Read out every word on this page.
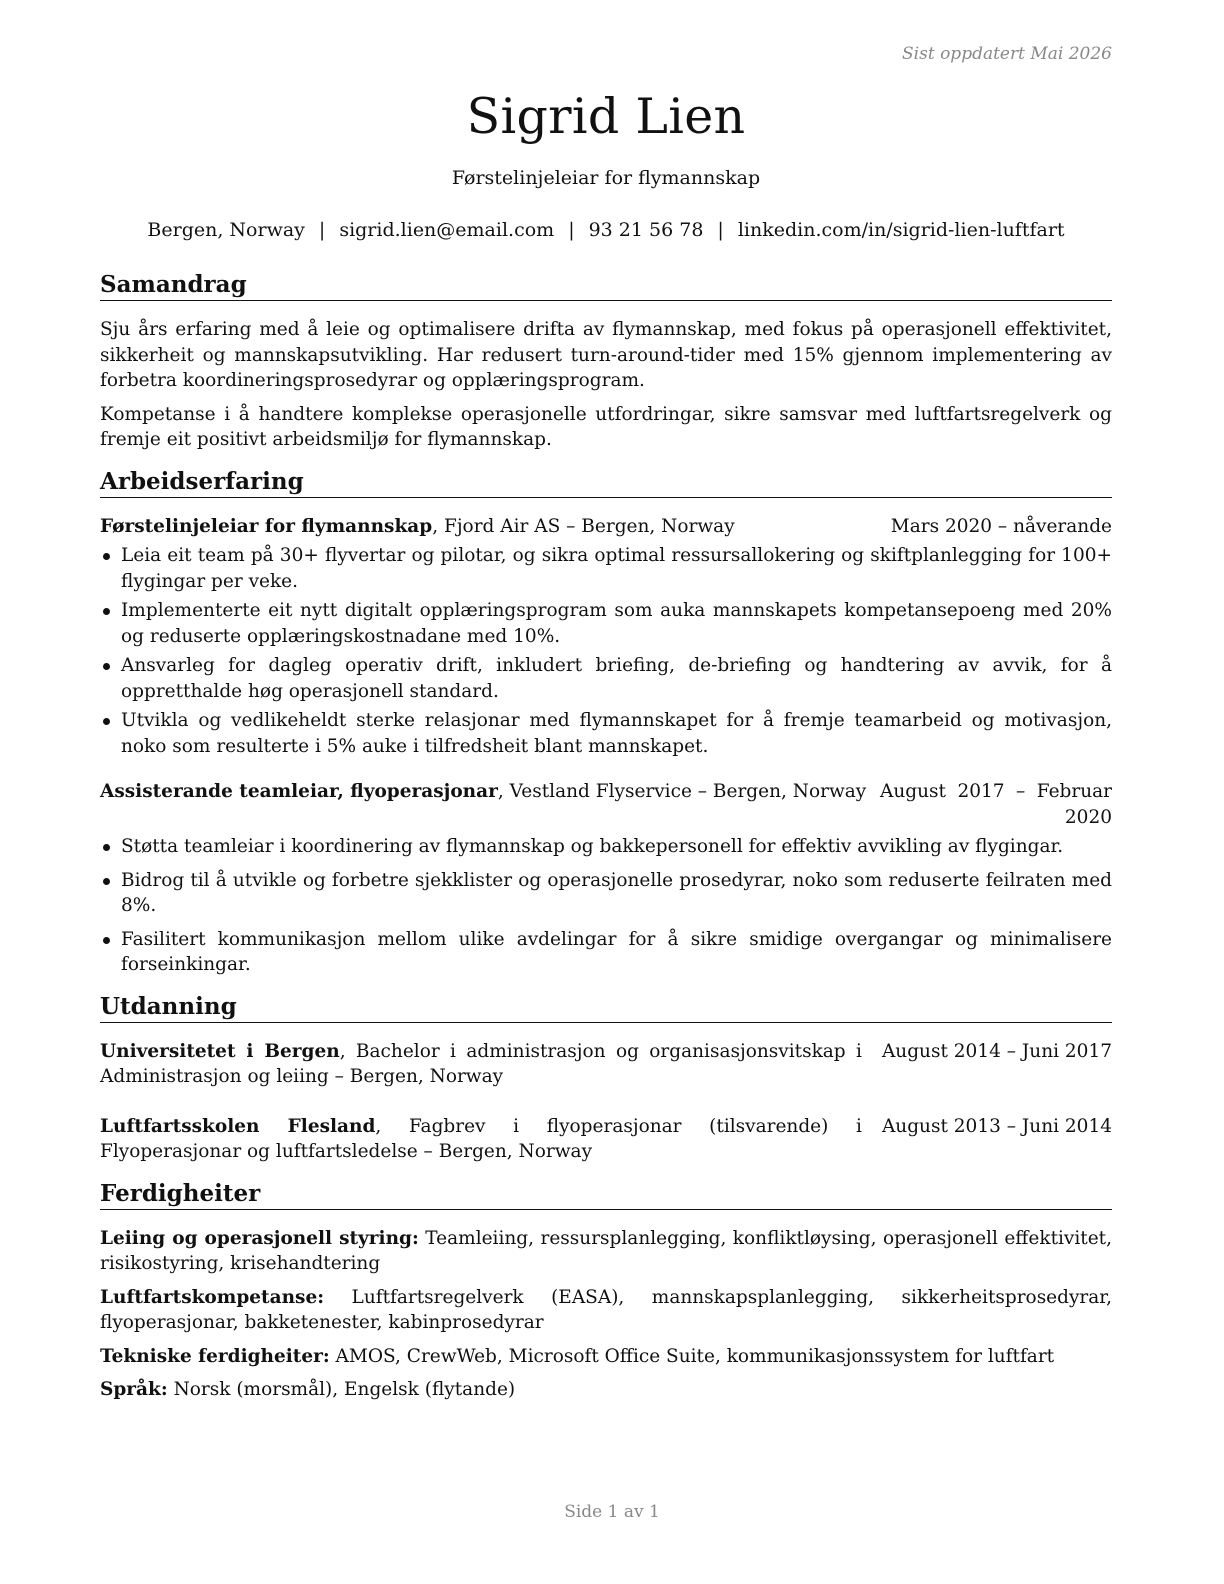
Sist oppdatert Mai 2026
Sigrid Lien
Førstelinjeleiar for flymannskap
Bergen, Norway | sigrid.lien@email.com | 93 21 56 78 | linkedin.com/in/sigrid-lien-luftfart
Samandrag

Sju års erfaring med å leie og optimalisere drifta av flymannskap, med fokus på operasjonell effektivitet, sikkerheit og mannskapsutvikling. Har redusert turn-around-tider med 15% gjennom implementering av forbetra koordineringsprosedyrar og opplæringsprogram.

Kompetanse i å handtere komplekse operasjonelle utfordringar, sikre samsvar med luftfartsregelverk og fremje eit positivt arbeidsmiljø for flymannskap.

Arbeidserfaring
Førstelinjeleiar for flymannskap, Fjord Air AS – Bergen, Norway	Mars 2020 – nåverande
Leia eit team på 30+ flyvertar og pilotar, og sikra optimal ressursallokering og skiftplanlegging for 100+ flygingar per veke.
Implementerte eit nytt digitalt opplæringsprogram som auka mannskapets kompetansepoeng med 20% og reduserte opplæringskostnadane med 10%.
Ansvarleg for dagleg operativ drift, inkludert briefing, de-briefing og handtering av avvik, for å oppretthalde høg operasjonell standard.
Utvikla og vedlikeheldt sterke relasjonar med flymannskapet for å fremje teamarbeid og motivasjon, noko som resulterte i 5% auke i tilfredsheit blant mannskapet.
Assisterande teamleiar, flyoperasjonar, Vestland Flyservice – Bergen, Norway August 2017 – Februar 2020
Støtta teamleiar i koordinering av flymannskap og bakkepersonell for effektiv avvikling av flygingar.
Bidrog til å utvikle og forbetre sjekklister og operasjonelle prosedyrar, noko som reduserte feilraten med 8%.
Fasilitert kommunikasjon mellom ulike avdelingar for å sikre smidige overgangar og minimalisere forseinkingar.
Utdanning
Universitetet i Bergen, Bachelor i administrasjon og organisasjonsvitskap i Administrasjon og leiing – Bergen, Norway
August 2014 – Juni 2017
Luftfartsskolen Flesland, Fagbrev i flyoperasjonar (tilsvarende) i Flyoperasjonar og luftfartsledelse – Bergen, Norway
August 2013 – Juni 2014
Ferdigheiter
Leiing og operasjonell styring: Teamleiing, ressursplanlegging, konfliktløysing, operasjonell effektivitet, risikostyring, krisehandtering
Luftfartskompetanse: Luftfartsregelverk (EASA), mannskapsplanlegging, sikkerheitsprosedyrar, flyoperasjonar, bakketenester, kabinprosedyrar
Tekniske ferdigheiter: AMOS, CrewWeb, Microsoft Office Suite, kommunikasjonssystem for luftfart
Språk: Norsk (morsmål), Engelsk (flytande)
Side 1 av 1
